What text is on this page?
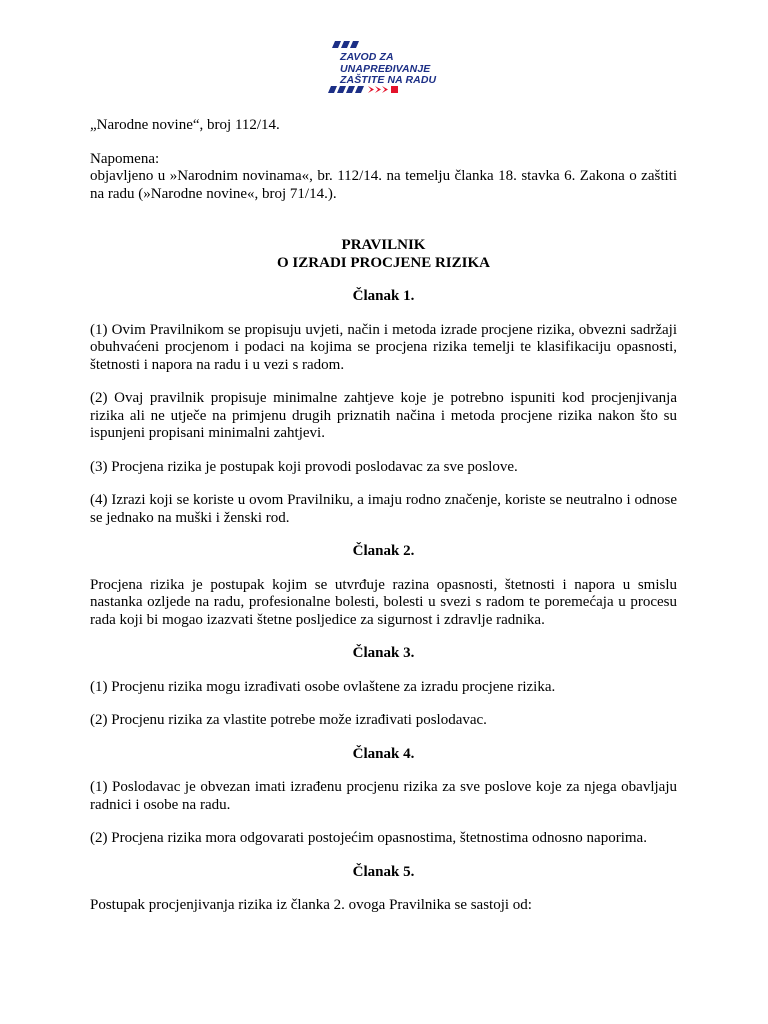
ZAVOD ZA
UNAPREĐIVANJE
ZAŠTITE NA RADU

„Narodne novine“, broj 112/14.

Napomena:

objavljeno u »Narodnim novinama«, br. 112/14. na temelju članka 18. stavka 6. Zakona o zaštiti na radu (»Narodne novine«, broj 71/14.).

PRAVILNIK
O IZRADI PROCJENE RIZIKA

Članak 1.

(1) Ovim Pravilnikom se propisuju uvjeti, način i metoda izrade procjene rizika, obvezni sadržaji obuhvaćeni procjenom i podaci na kojima se procjena rizika temelji te klasifikaciju opasnosti, štetnosti i napora na radu i u vezi s radom.

(2) Ovaj pravilnik propisuje minimalne zahtjeve koje je potrebno ispuniti kod procjenjivanja rizika ali ne utječe na primjenu drugih priznatih načina i metoda procjene rizika nakon što su ispunjeni propisani minimalni zahtjevi.

(3) Procjena rizika je postupak koji provodi poslodavac za sve poslove.

(4) Izrazi koji se koriste u ovom Pravilniku, a imaju rodno značenje, koriste se neutralno i odnose se jednako na muški i ženski rod.

Članak 2.

Procjena rizika je postupak kojim se utvrđuje razina opasnosti, štetnosti i napora u smislu nastanka ozljede na radu, profesionalne bolesti, bolesti u svezi s radom te poremećaja u procesu rada koji bi mogao izazvati štetne posljedice za sigurnost i zdravlje radnika.

Članak 3.

(1) Procjenu rizika mogu izrađivati osobe ovlaštene za izradu procjene rizika.

(2) Procjenu rizika za vlastite potrebe može izrađivati poslodavac.

Članak 4.

(1) Poslodavac je obvezan imati izrađenu procjenu rizika za sve poslove koje za njega obavljaju radnici i osobe na radu.

(2) Procjena rizika mora odgovarati postojećim opasnostima, štetnostima odnosno naporima.

Članak 5.

Postupak procjenjivanja rizika iz članka 2. ovoga Pravilnika se sastoji od:
